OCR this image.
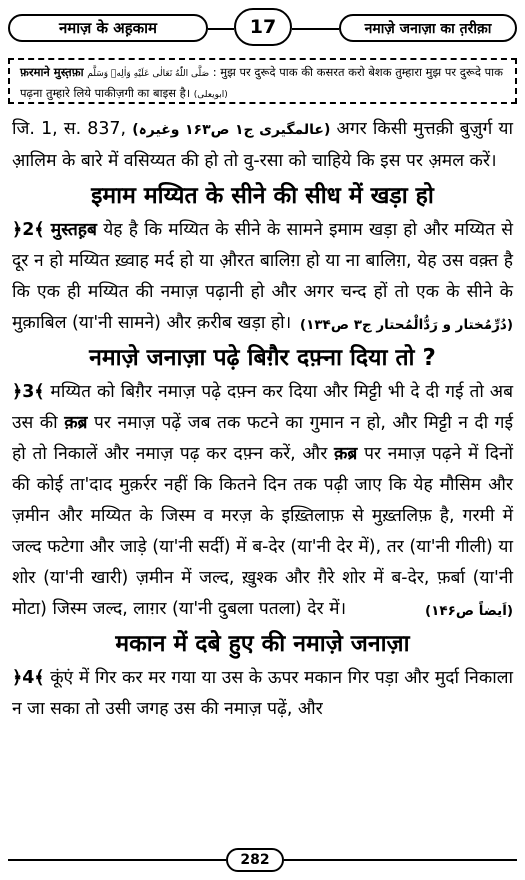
नमाज़ के अह़काम	17	नमाज़े जनाज़ा का त़रीक़ा
फ़रमाने मुस्त़फ़ा صَلَّى اللّٰهُ تَعَالٰى عَلَيْهِ وَاٰلِهٖ وَسَلَّم : मुझ पर दुरूदे पाक की कसरत करो बेशक तुम्हारा मुझ पर दुरूदे पाक पढ़ना तुम्हारे लिये पाकीज़गी का बाइस है। (ابویعلی)

जि. 1, स. 837, (عالمگیری ج۱ ص۱۶۳ وغیرہ) अगर किसी मुत्तक़ी बुज़ुर्ग या आ़लिम के बारे में वसिय्यत की हो तो वु-रसा को चाहिये कि इस पर अ़मल करें।

इमाम मय्यित के सीने की सीध में खड़ा हो

﴿2﴾ मुस्तह़ब येह है कि मय्यित के सीने के सामने इमाम खड़ा हो और मय्यित से दूर न हो मय्यित ख़्वाह मर्द हो या औ़रत बालिग़ हो या ना बालिग़, येह उस वक़्त है कि एक ही मय्यित की नमाज़ पढ़ानी हो और अगर चन्द हों तो एक के सीने के मुक़ाबिल (या'नी सामने) और क़रीब खड़ा हो। (دُرِّمُختار و رَدُّالْمُحتار ج۳ ص۱۳۴)

नमाज़े जनाज़ा पढ़े बिग़ैर दफ़्ना दिया तो ?

﴿3﴾ मय्यित को बिग़ैर नमाज़ पढ़े दफ़्न कर दिया और मिट्टी भी दे दी गई तो अब उस की क़ब्र पर नमाज़ पढ़ें जब तक फटने का गुमान न हो, और मिट्टी न दी गई हो तो निकालें और नमाज़ पढ़ कर दफ़्न करें, और क़ब्र पर नमाज़ पढ़ने में दिनों की कोई ता'दाद मुक़र्रर नहीं कि कितने दिन तक पढ़ी जाए कि येह मौसिम और ज़मीन और मय्यित के जिस्म व मरज़ के इख़्तिलाफ़ से मुख़्तलिफ़ है, गरमी में जल्द फटेगा और जाड़े (या'नी सर्दी) में ब-देर (या'नी देर में), तर (या'नी गीली) या शोर (या'नी खारी) ज़मीन में जल्द, ख़ुश्क और ग़ैरे शोर में ब-देर, फ़र्बा (या'नी मोटा) जिस्म जल्द, लाग़र (या'नी दुबला पतला) देर में।	(اَیضاً ص۱۴۶)

मकान में दबे हुए की नमाज़े जनाज़ा

﴿4﴾ कूंएं में गिर कर मर गया या उस के ऊपर मकान गिर पड़ा और मुर्दा निकाला न जा सका तो उसी जगह उस की नमाज़ पढ़ें, और

282
